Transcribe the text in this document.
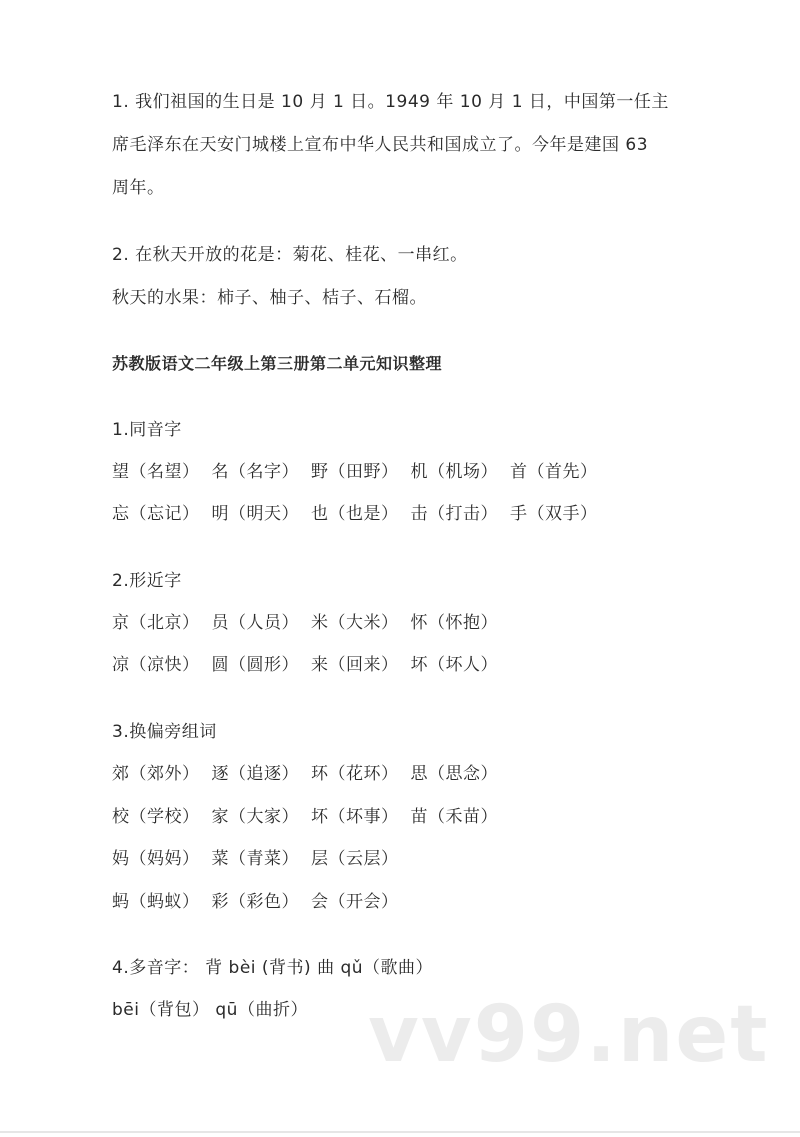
1. 我们祖国的生日是 10 月 1 日。1949 年 10 月 1 日，中国第一任主
席毛泽东在天安门城楼上宣布中华人民共和国成立了。今年是建国 63
周年。
2. 在秋天开放的花是：菊花、桂花、一串红。
秋天的水果：柿子、柚子、桔子、石榴。
苏教版语文二年级上第三册第二单元知识整理
1.同音字
望（名望） 名（名字） 野（田野） 机（机场） 首（首先）
忘（忘记） 明（明天） 也（也是） 击（打击） 手（双手）
2.形近字
京（北京） 员（人员） 米（大米） 怀（怀抱）
凉（凉快） 圆（圆形） 来（回来） 坏（坏人）
3.换偏旁组词
郊（郊外） 逐（追逐） 环（花环） 思（思念）
校（学校） 家（大家） 坏（坏事） 苗（禾苗）
妈（妈妈） 菜（青菜） 层（云层）
蚂（蚂蚁） 彩（彩色） 会（开会）
4.多音字： 背 bèi (背书) 曲 qǔ（歌曲）
bēi（背包） qū（曲折） vv99.net
